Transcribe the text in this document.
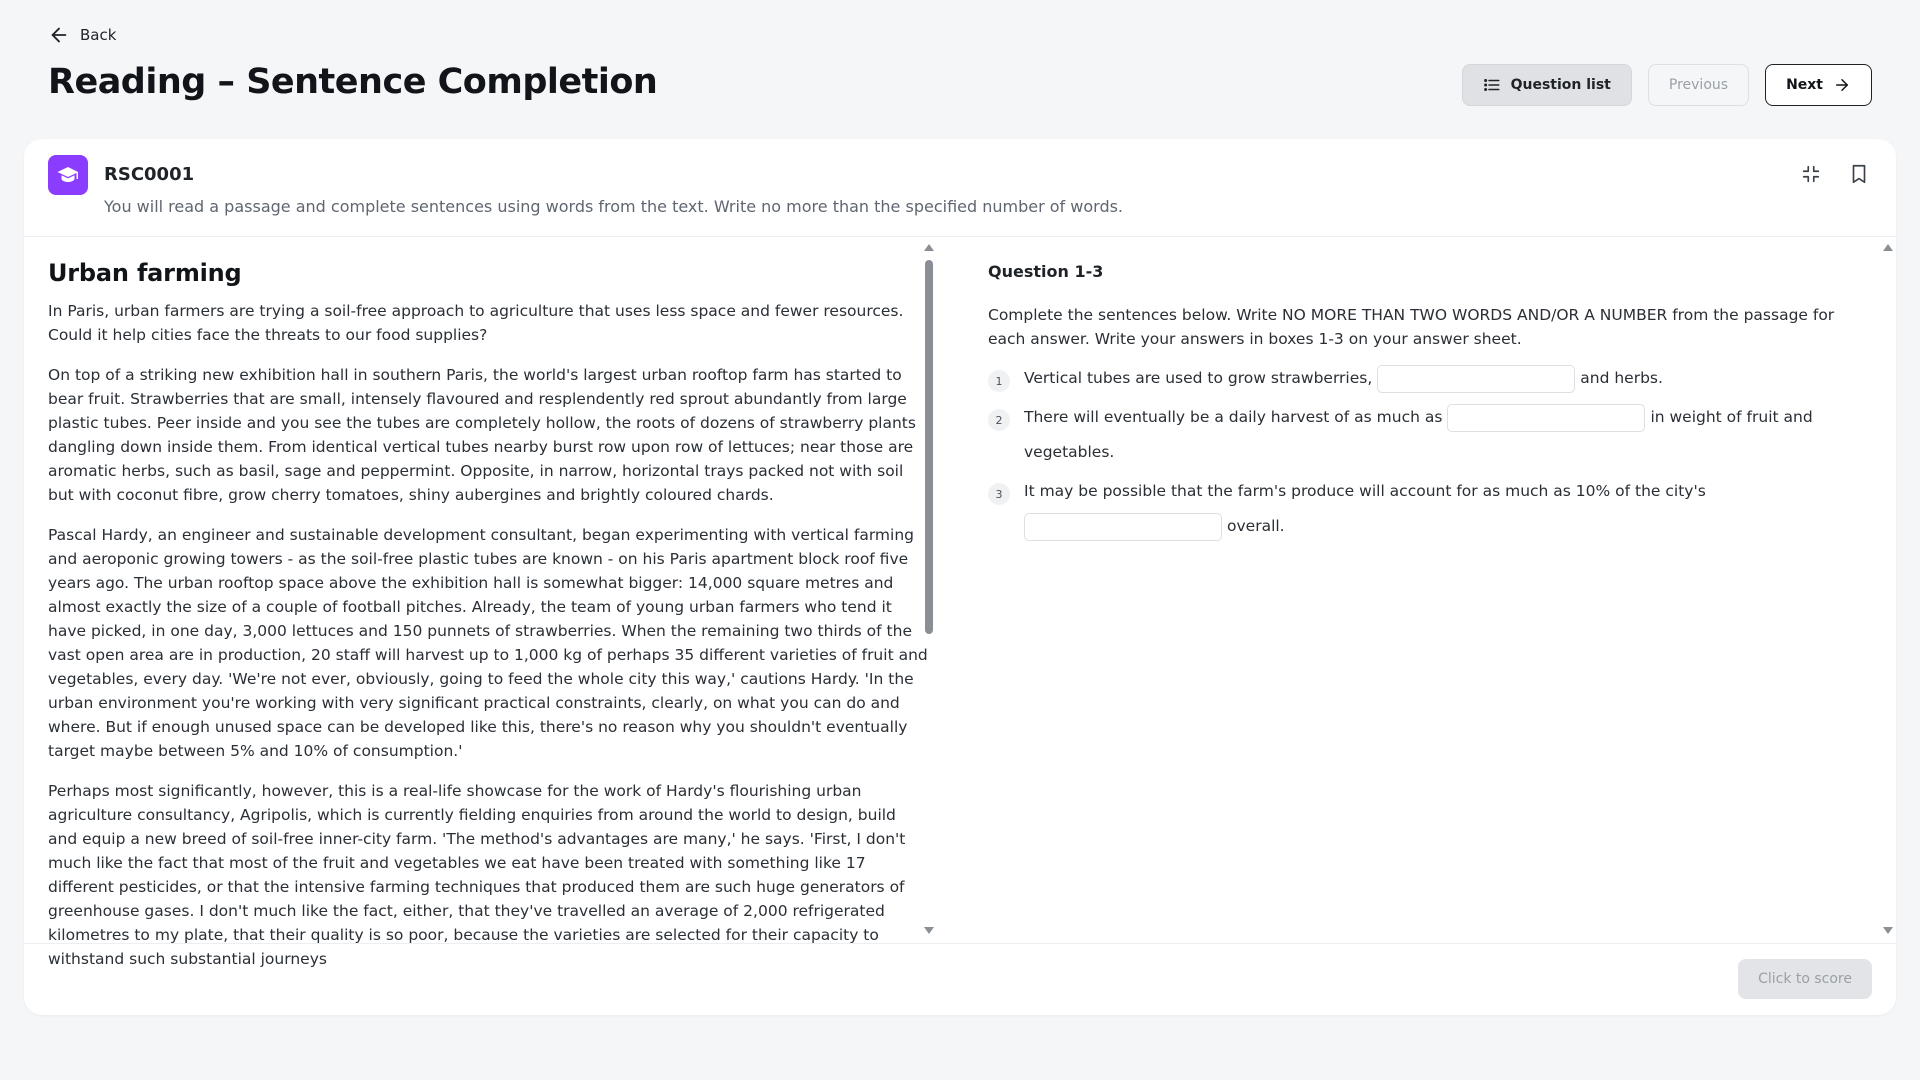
Back
Reading – Sentence Completion	Question list	Previous	Next
RSC0001
You will read a passage and complete sentences using words from the text. Write no more than the specified number of words.
Urban farming

In Paris, urban farmers are trying a soil-free approach to agriculture that uses less space and fewer resources. Could it help cities face the threats to our food supplies?

On top of a striking new exhibition hall in southern Paris, the world's largest urban rooftop farm has started to bear fruit. Strawberries that are small, intensely flavoured and resplendently red sprout abundantly from large plastic tubes. Peer inside and you see the tubes are completely hollow, the roots of dozens of strawberry plants dangling down inside them. From identical vertical tubes nearby burst row upon row of lettuces; near those are aromatic herbs, such as basil, sage and peppermint. Opposite, in narrow, horizontal trays packed not with soil but with coconut fibre, grow cherry tomatoes, shiny aubergines and brightly coloured chards.

Pascal Hardy, an engineer and sustainable development consultant, began experimenting with vertical farming and aeroponic growing towers - as the soil-free plastic tubes are known - on his Paris apartment block roof five years ago. The urban rooftop space above the exhibition hall is somewhat bigger: 14,000 square metres and almost exactly the size of a couple of football pitches. Already, the team of young urban farmers who tend it have picked, in one day, 3,000 lettuces and 150 punnets of strawberries. When the remaining two thirds of the vast open area are in production, 20 staff will harvest up to 1,000 kg of perhaps 35 different varieties of fruit and vegetables, every day. 'We're not ever, obviously, going to feed the whole city this way,' cautions Hardy. 'In the urban environment you're working with very significant practical constraints, clearly, on what you can do and where. But if enough unused space can be developed like this, there's no reason why you shouldn't eventually target maybe between 5% and 10% of consumption.'

Perhaps most significantly, however, this is a real-life showcase for the work of Hardy's flourishing urban agriculture consultancy, Agripolis, which is currently fielding enquiries from around the world to design, build and equip a new breed of soil-free inner-city farm. 'The method's advantages are many,' he says. 'First, I don't much like the fact that most of the fruit and vegetables we eat have been treated with something like 17 different pesticides, or that the intensive farming techniques that produced them are such huge generators of greenhouse gases. I don't much like the fact, either, that they've travelled an average of 2,000 refrigerated kilometres to my plate, that their quality is so poor, because the varieties are selected for their capacity to withstand such substantial journeys

Question 1-3
Complete the sentences below. Write NO MORE THAN TWO WORDS AND/OR A NUMBER from the passage for each answer. Write your answers in boxes 1-3 on your answer sheet.
1	Vertical tubes are used to grow strawberries,	and herbs.
2	There will eventually be a daily harvest of as much as	in weight of fruit and vegetables.
3	It may be possible that the farm's produce will account for as much as 10% of the city's
overall.
Click to score
